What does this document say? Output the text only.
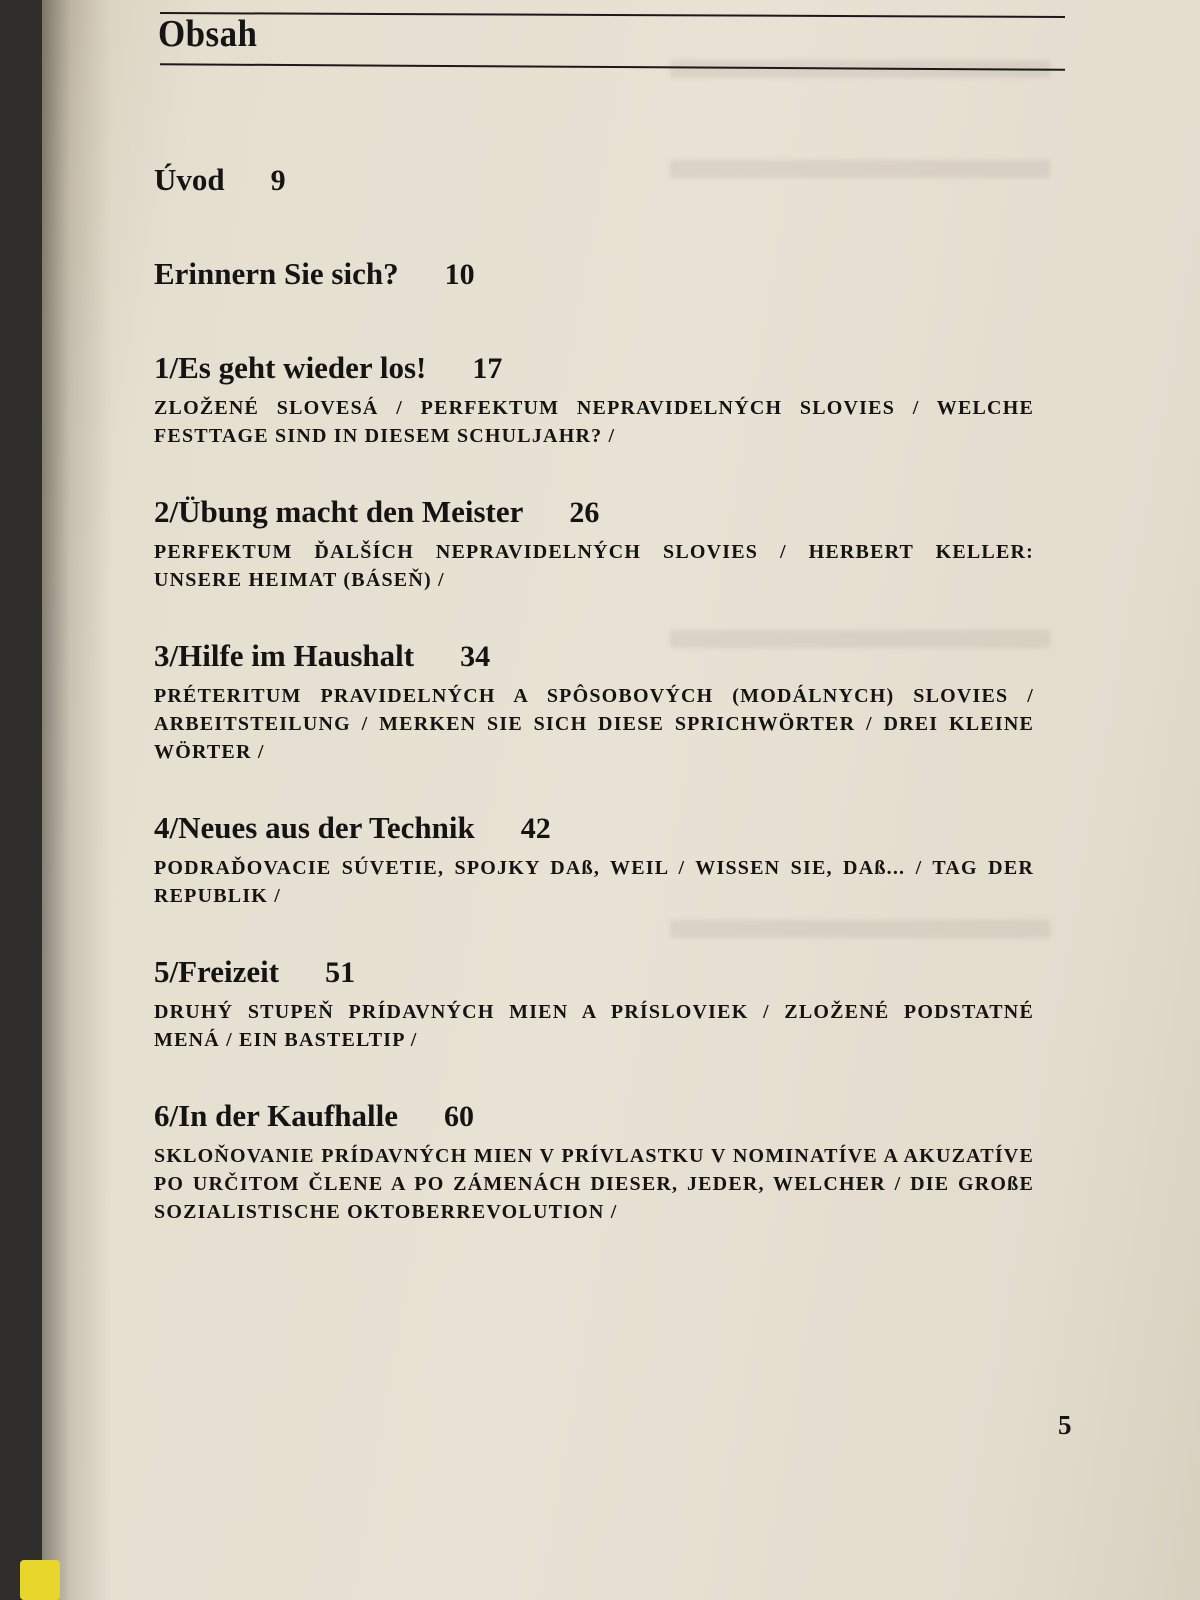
Obsah
Úvod 9
Erinnern Sie sich? 10
1/Es geht wieder los! 17
ZLOŽENÉ SLOVESÁ / PERFEKTUM NEPRAVIDELNÝCH SLOVIES / WELCHE FESTTAGE SIND IN DIESEM SCHULJAHR? /
2/Übung macht den Meister 26
PERFEKTUM ĎALŠÍCH NEPRAVIDELNÝCH SLOVIES / HERBERT KELLER: UNSERE HEIMAT (BÁSEŇ) /
3/Hilfe im Haushalt 34
PRÉTERITUM PRAVIDELNÝCH A SPÔSOBOVÝCH (MODÁLNYCH) SLOVIES / ARBEITSTEILUNG / MERKEN SIE SICH DIESE SPRICHWÖRTER / DREI KLEINE WÖRTER /
4/Neues aus der Technik 42
PODRAĎOVACIE SÚVETIE, SPOJKY DAß, WEIL / WISSEN SIE, DAß... / TAG DER REPUBLIK /
5/Freizeit 51
DRUHÝ STUPEŇ PRÍDAVNÝCH MIEN A PRÍSLOVIEK / ZLOŽENÉ PODSTATNÉ MENÁ / EIN BASTELTIP /
6/In der Kaufhalle 60
SKLOŇOVANIE PRÍDAVNÝCH MIEN V PRÍVLASTKU V NOMINATÍVE A AKUZATÍVE PO URČITOM ČLENE A PO ZÁMENÁCH DIESER, JEDER, WELCHER / DIE GROßE SOZIALISTISCHE OKTOBERREVOLUTION /
5
